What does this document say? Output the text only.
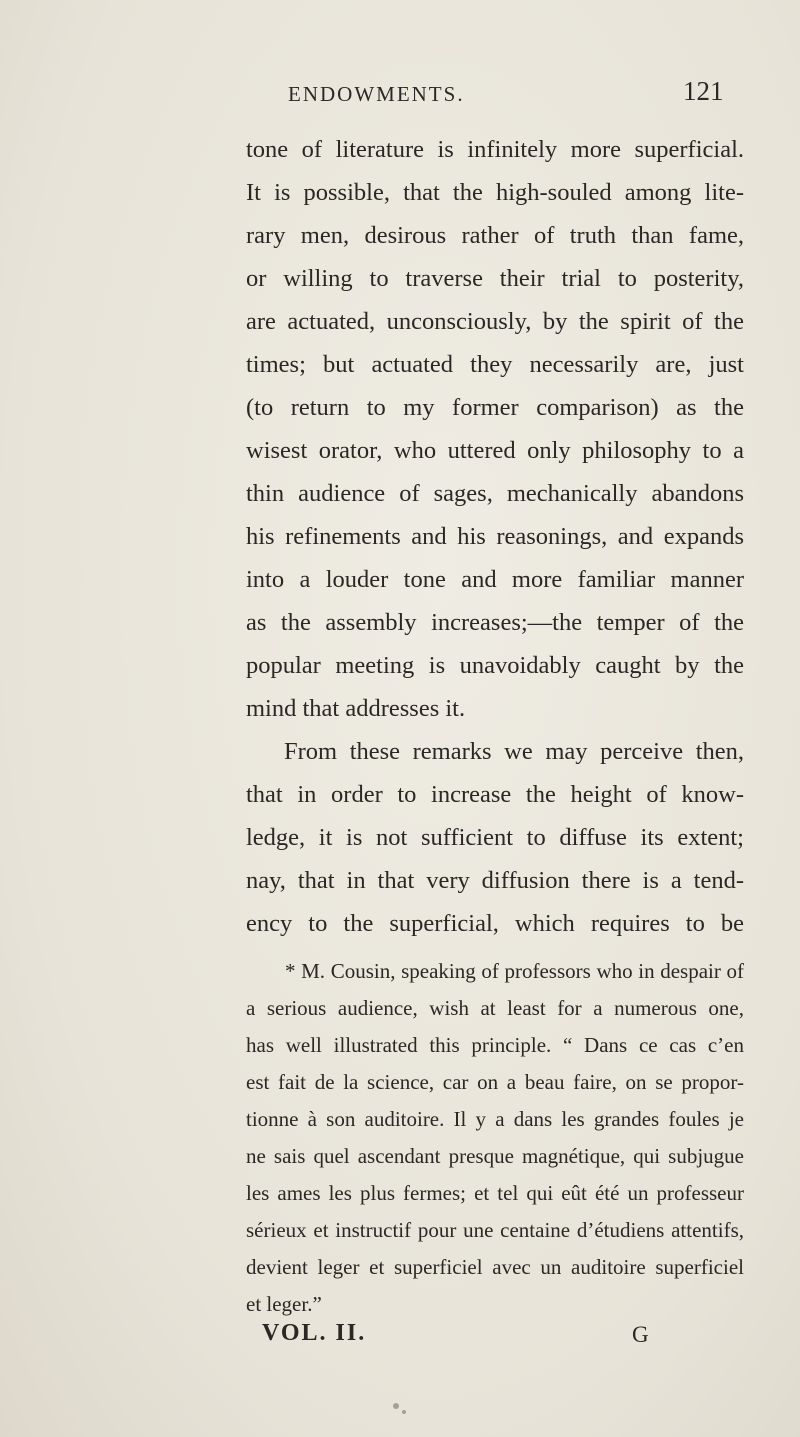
ENDOWMENTS.	121
tone of literature is infinitely more superficial.
It is possible, that the high-souled among lite-
rary men, desirous rather of truth than fame,
or willing to traverse their trial to posterity,
are actuated, unconsciously, by the spirit of the
times; but actuated they necessarily are, just
(to return to my former comparison) as the
wisest orator, who uttered only philosophy to a
thin audience of sages, mechanically abandons
his refinements and his reasonings, and expands
into a louder tone and more familiar manner
as the assembly increases;—the temper of the
popular meeting is unavoidably caught by the
mind that addresses it.
From these remarks we may perceive then,
that in order to increase the height of know-
ledge, it is not sufficient to diffuse its extent;
nay, that in that very diffusion there is a tend-
ency to the superficial, which requires to be
* M. Cousin, speaking of professors who in despair of
a serious audience, wish at least for a numerous one,
has well illustrated this principle. “ Dans ce cas c’en
est fait de la science, car on a beau faire, on se propor-
tionne à son auditoire. Il y a dans les grandes foules je
ne sais quel ascendant presque magnétique, qui subjugue
les ames les plus fermes; et tel qui eût été un professeur
sérieux et instructif pour une centaine d’étudiens attentifs,
devient leger et superficiel avec un auditoire superficiel
et leger.”
VOL. II.	G
